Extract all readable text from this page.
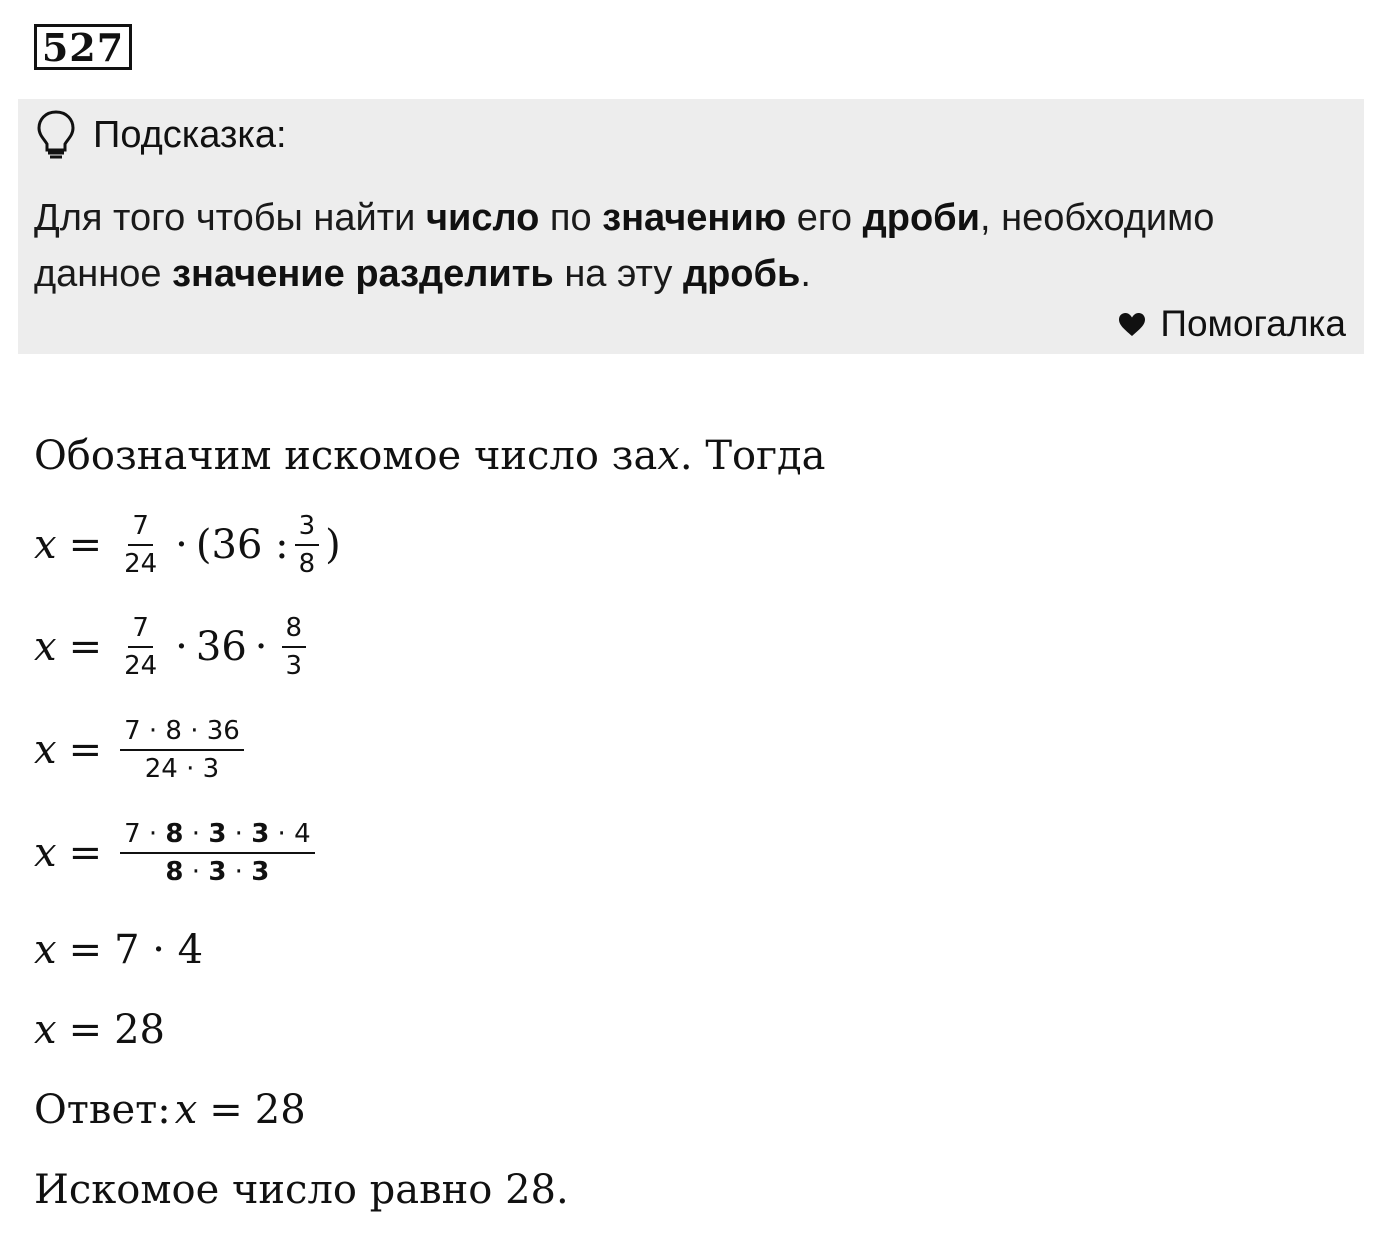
527
Подсказка:
Для того чтобы найти число по значению его дроби, необходимо
данное значение разделить на эту дробь.
Помогалка
Обозначим искомое число за x . Тогда
$x = \frac{7}{24} \cdot (36$ : $\frac{3}{8}$ )
$x = \frac{7}{24} \cdot 36 \cdot \frac{8}{3}$
$x = \frac{7 \cdot 8 \cdot 36}{24 \cdot 3}$
$x = \frac{7 \cdot 8 \cdot 3 \cdot 3 \cdot 4}{8 \cdot 3 \cdot 3}$
x = 7 · 4
x = 28
Ответ: x = 28
Искомое число равно 28.
